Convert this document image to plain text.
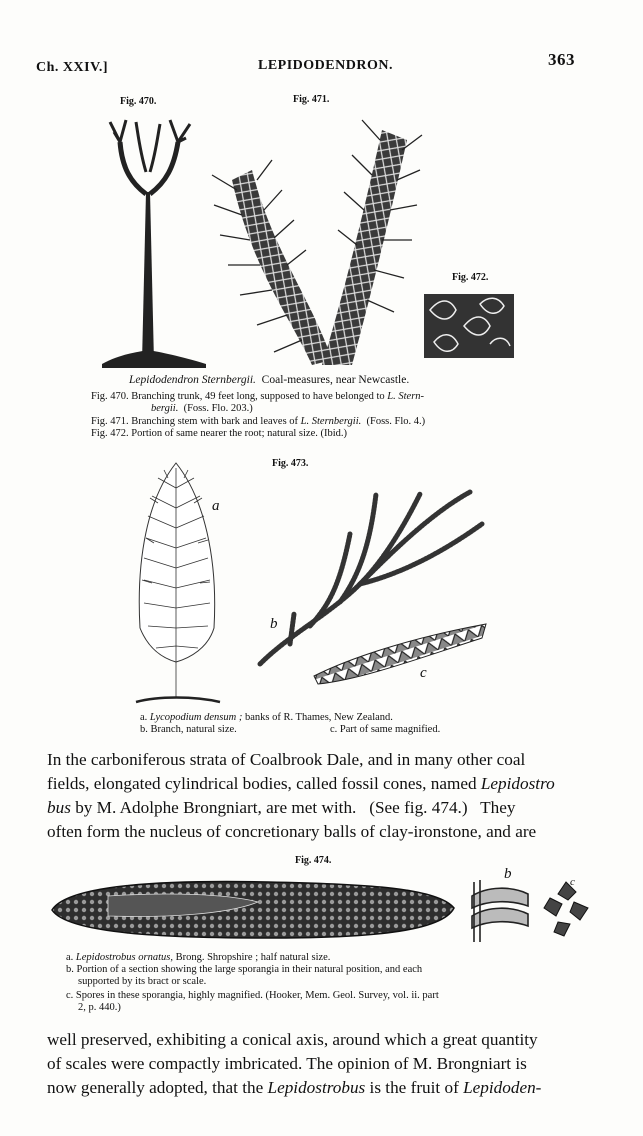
Ch. XXIV.]	LEPIDODENDRON.	363
Fig. 470.	Fig. 471.
Fig. 472.
Lepidodendron Sternbergii. Coal-measures, near Newcastle.
Fig. 470. Branching trunk, 49 feet long, supposed to have belonged to L. Stern-
bergii. (Foss. Flo. 203.)
Fig. 471. Branching stem with bark and leaves of L. Sternbergii. (Foss. Flo. 4.)
Fig. 472. Portion of same nearer the root; natural size. (Ibid.)
Fig. 473.
a
b
c
a. Lycopodium densum ; banks of R. Thames, New Zealand.
b. Branch, natural size.	c. Part of same magnified.
In the carboniferous strata of Coalbrook Dale, and in many other coal
fields, elongated cylindrical bodies, called fossil cones, named Lepidostro
bus by M. Adolphe Brongniart, are met with.   (See fig. 474.)   They
often form the nucleus of concretionary balls of clay-ironstone, and are
Fig. 474.
b	c
a. Lepidostrobus ornatus, Brong. Shropshire ; half natural size.
b. Portion of a section showing the large sporangia in their natural position, and each
supported by its bract or scale.
c. Spores in these sporangia, highly magnified. (Hooker, Mem. Geol. Survey, vol. ii. part
2, p. 440.)
well preserved, exhibiting a conical axis, around which a great quantity
of scales were compactly imbricated. The opinion of M. Brongniart is
now generally adopted, that the Lepidostrobus is the fruit of Lepidoden-
